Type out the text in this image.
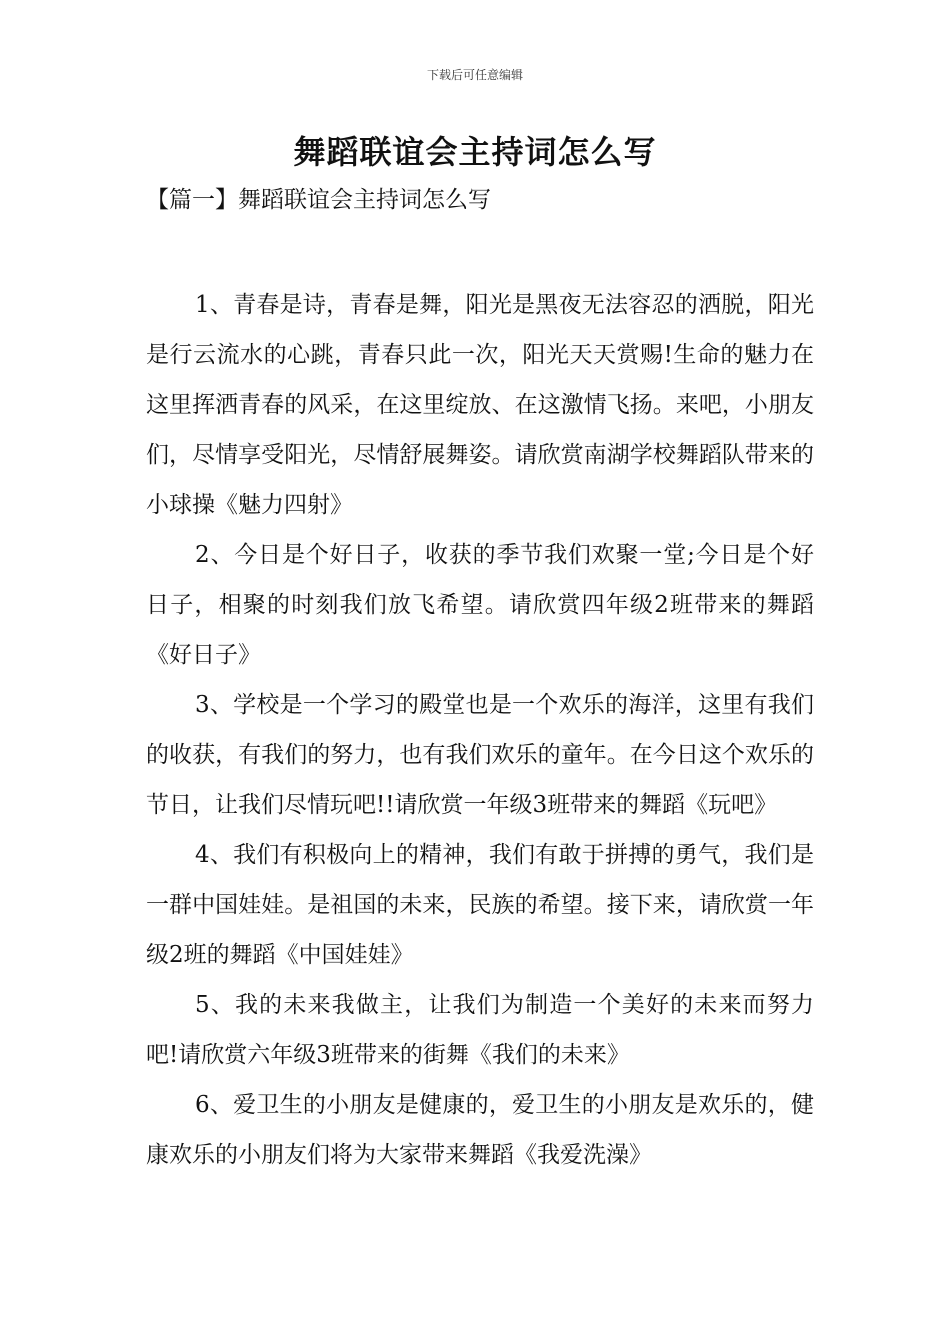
下载后可任意编辑
舞蹈联谊会主持词怎么写
【篇一】舞蹈联谊会主持词怎么写

1、青春是诗，青春是舞，阳光是黑夜无法容忍的洒脱，阳光是行云流水的心跳，青春只此一次，阳光天天赏赐!生命的魅力在这里挥洒青春的风采，在这里绽放、在这激情飞扬。来吧，小朋友们，尽情享受阳光，尽情舒展舞姿。请欣赏南湖学校舞蹈队带来的小球操《魅力四射》

2、今日是个好日子，收获的季节我们欢聚一堂;今日是个好日子，相聚的时刻我们放飞希望。请欣赏四年级2班带来的舞蹈《好日子》

3、学校是一个学习的殿堂也是一个欢乐的海洋，这里有我们的收获，有我们的努力，也有我们欢乐的童年。在今日这个欢乐的节日，让我们尽情玩吧!!请欣赏一年级3班带来的舞蹈《玩吧》

4、我们有积极向上的精神，我们有敢于拼搏的勇气，我们是一群中国娃娃。是祖国的未来，民族的希望。接下来，请欣赏一年级2班的舞蹈《中国娃娃》

5、我的未来我做主，让我们为制造一个美好的未来而努力吧!请欣赏六年级3班带来的街舞《我们的未来》

6、爱卫生的小朋友是健康的，爱卫生的小朋友是欢乐的，健康欢乐的小朋友们将为大家带来舞蹈《我爱洗澡》
